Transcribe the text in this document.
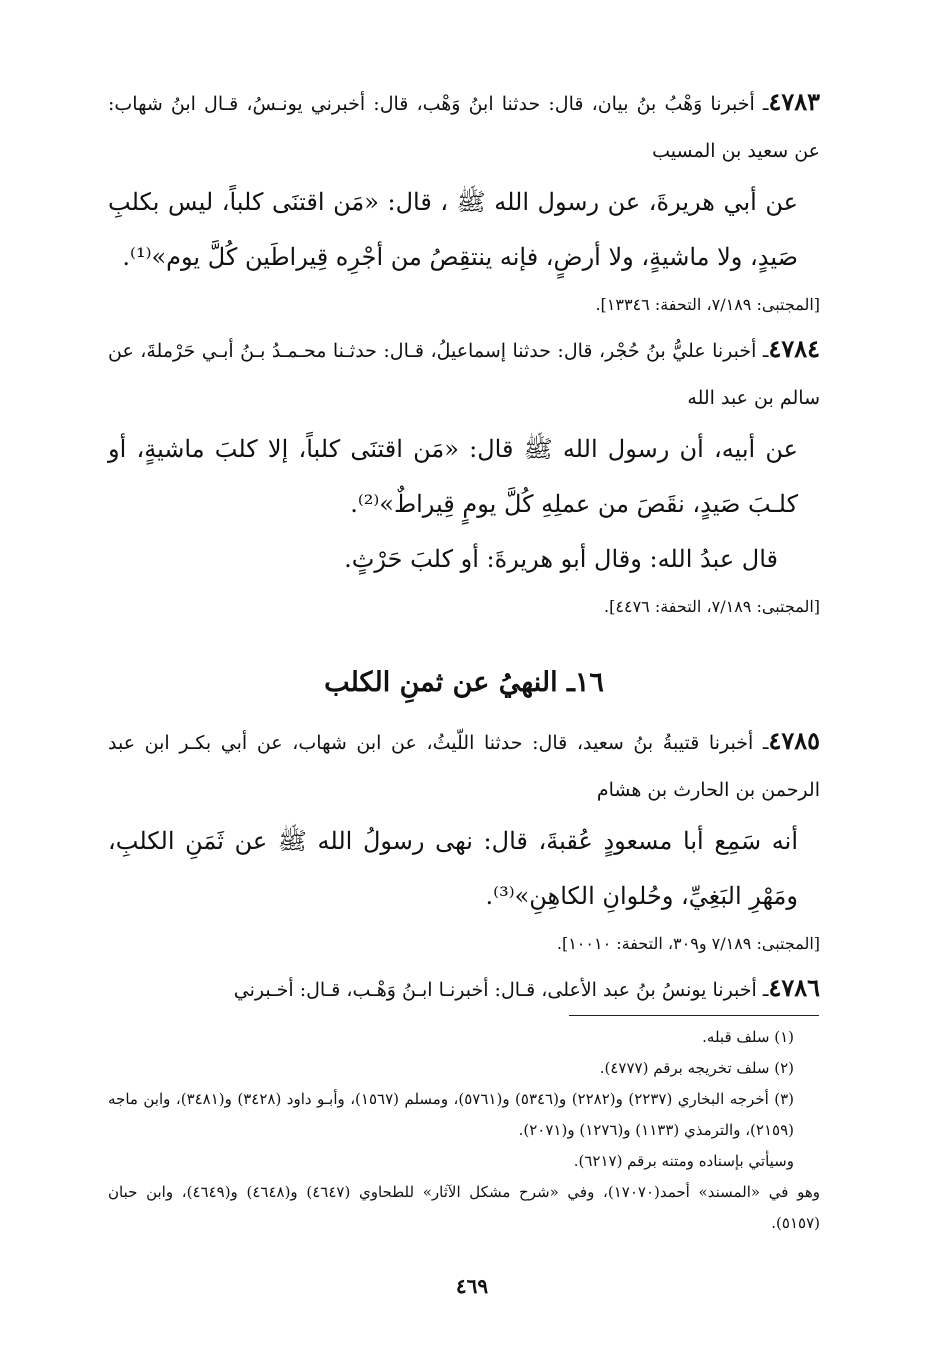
٤٧٨٣ـ أخبرنا وَهْبُ بنُ بيان، قال: حدثنا ابنُ وَهْب، قال: أخبرني يونـسُ، قـال ابنُ شهاب: عن سعيد بن المسيب

عن أبي هريرةَ، عن رسول الله ﷺ ، قال: «مَن اقتنَى كلباً، ليس بكلبِ صَيدٍ، ولا ماشيةٍ، ولا أرضٍ، فإنه ينتقِصُ من أجْرِه قِيراطَين كُلَّ يوم»⁽¹⁾.

[المجتبى: ٧/١٨٩، التحفة: ١٣٣٤٦].

٤٧٨٤ـ أخبرنا عليُّ بنُ حُجْر، قال: حدثنا إسماعيلُ، قـال: حدثـنا محـمـدُ بـنُ أبـي حَرْملةَ، عن سالم بن عبد الله

عن أبيه، أن رسول الله ﷺ قال: «مَن اقتنَى كلباً، إلا كلبَ ماشيةٍ، أو كلـبَ صَيدٍ، نقَصَ من عملِهِ كُلَّ يومٍ قِيراطٌ»⁽²⁾.

قال عبدُ الله: وقال أبو هريرةَ: أو كلبَ حَرْثٍ.

[المجتبى: ٧/١٨٩، التحفة: ٤٤٧٦].

١٦ـ النهيُ عن ثمنِ الكلب

٤٧٨٥ـ أخبرنا قتيبةُ بنُ سعيد، قال: حدثنا اللّيثُ، عن ابن شهاب، عن أبي بكـر ابن عبد الرحمن بن الحارث بن هشام

أنه سَمِع أبا مسعودٍ عُقبةَ، قال: نهى رسولُ الله ﷺ عن ثَمَنِ الكلبِ، ومَهْرِ البَغِيِّ، وحُلوانِ الكاهِنِ»⁽³⁾.

[المجتبى: ٧/١٨٩ و٣٠٩، التحفة: ١٠٠١٠].

٤٧٨٦ـ أخبرنا يونسُ بنُ عبد الأعلى، قـال: أخبرنـا ابـنُ وَهْـب، قـال: أخـبرني

(١) سلف قبله.

(٢) سلف تخريجه برقم (٤٧٧٧).

(٣) أخرجه البخاري (٢٢٣٧) و(٢٢٨٢) و(٥٣٤٦) و(٥٧٦١)، ومسلم (١٥٦٧)، وأبـو داود (٣٤٢٨) و(٣٤٨١)، وابن ماجه (٢١٥٩)، والترمذي (١١٣٣) و(١٢٧٦) و(٢٠٧١).

وسيأتي بإسناده ومتنه برقم (٦٢١٧).

وهو في «المسند» أحمد(١٧٠٧٠)، وفي «شرح مشكل الآثار» للطحاوي (٤٦٤٧) و(٤٦٤٨) و(٤٦٤٩)، وابن حبان (٥١٥٧).

٤٦٩
